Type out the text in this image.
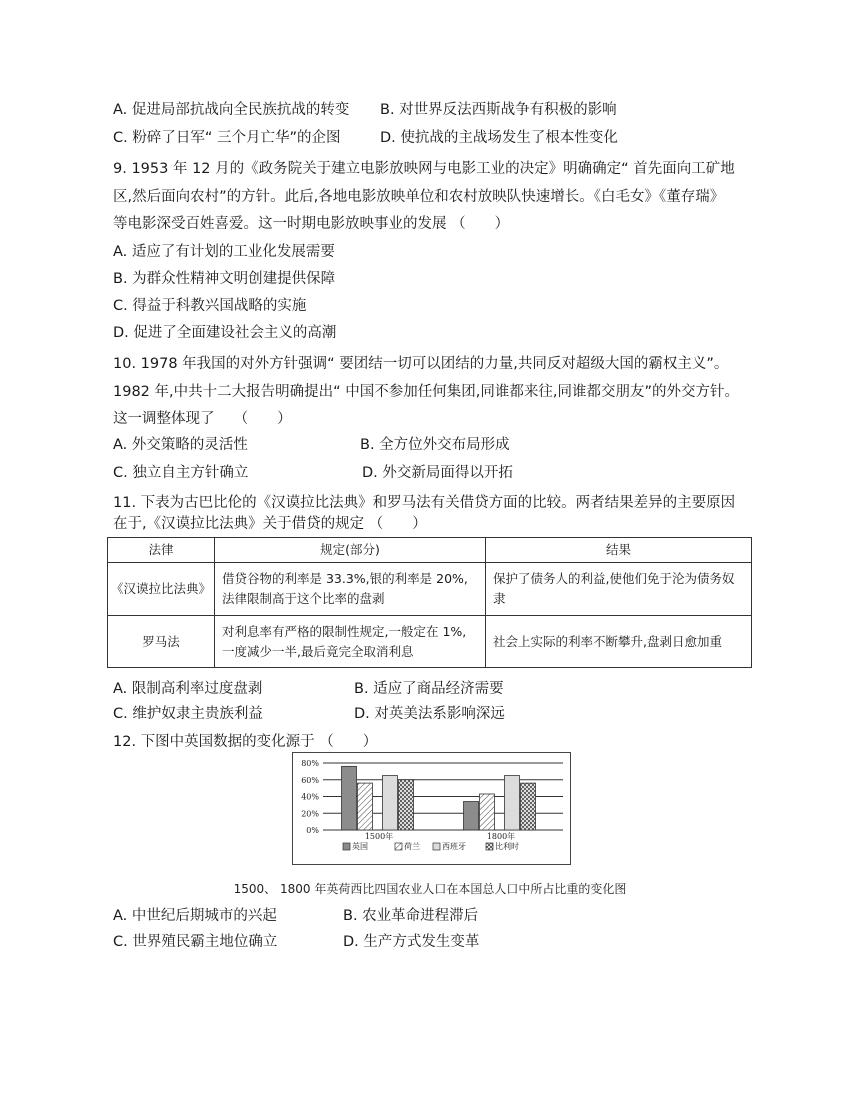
A. 促进局部抗战向全民族抗战的转变 B. 对世界反法西斯战争有积极的影响
C. 粉碎了日军“ 三个月亡华”的企图	D. 使抗战的主战场发生了根本性变化
9. 1953 年 12 月的《政务院关于建立电影放映网与电影工业的决定》明确确定“ 首先面向工矿地
区,然后面向农村”的方针。此后,各地电影放映单位和农村放映队快速增长。《白毛女》《董存瑞》
等电影深受百姓喜爱。这一时期电影放映事业的发展 （　　）
A. 适应了有计划的工业化发展需要
B. 为群众性精神文明创建提供保障
C. 得益于科教兴国战略的实施
D. 促进了全面建设社会主义的高潮
10. 1978 年我国的对外方针强调“ 要团结一切可以团结的力量,共同反对超级大国的霸权主义”。
1982 年,中共十二大报告明确提出“ 中国不参加任何集团,同谁都来往,同谁都交朋友”的外交方针。
这一调整体现了　 （　　）
A. 外交策略的灵活性	B. 全方位外交布局形成
C. 独立自主方针确立	D. 外交新局面得以开拓
11. 下表为古巴比伦的《汉谟拉比法典》和罗马法有关借贷方面的比较。两者结果差异的主要原因
在于,《汉谟拉比法典》关于借贷的规定 （　　）
法律	规定(部分)	结果
《汉谟拉比法典》	借贷谷物的利率是 33.3%,银的利率是 20%,法律限制高于这个比率的盘剥	保护了债务人的利益,使他们免于沦为债务奴隶
罗马法	对利息率有严格的限制性规定,一般定在 1%,一度减少一半,最后竟完全取消利息	社会上实际的利率不断攀升,盘剥日愈加重
A. 限制高利率过度盘剥	B. 适应了商品经济需要
C. 维护奴隶主贵族利益	D. 对英美法系影响深远
12. 下图中英国数据的变化源于 （　　）
0%
20%
40%
60%
80%
1500年	1800年
英国	荷兰	西班牙	比利时
1500、 1800 年英荷西比四国农业人口在本国总人口中所占比重的变化图
A. 中世纪后期城市的兴起	B. 农业革命进程滞后
C. 世界殖民霸主地位确立	D. 生产方式发生变革
